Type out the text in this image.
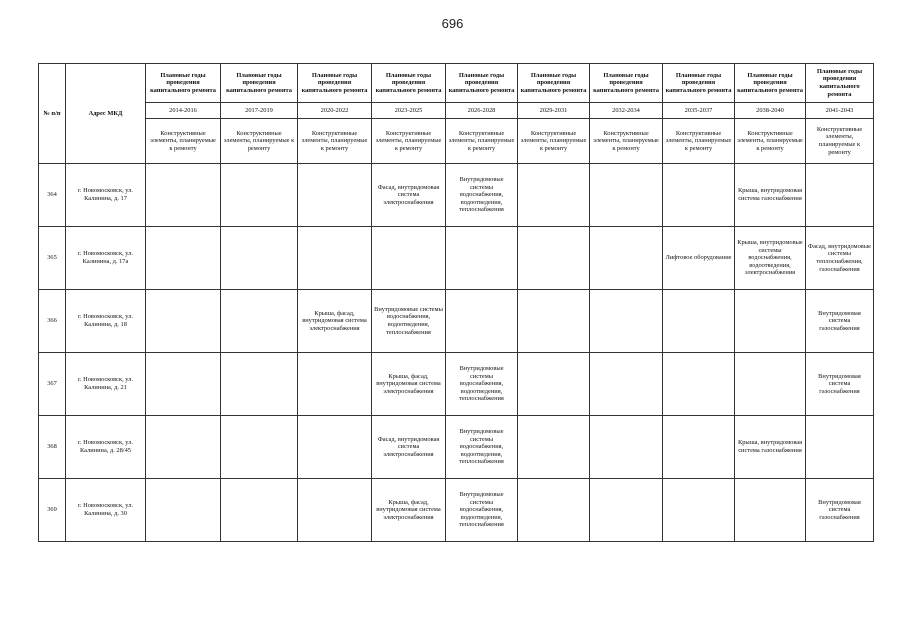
696
№ п/п	Адрес МКД	Плановые годы проведения капитального ремонта	Плановые годы проведения капитального ремонта	Плановые годы проведения капитального ремонта	Плановые годы проведения капитального ремонта	Плановые годы проведения капитального ремонта	Плановые годы проведения капитального ремонта	Плановые годы проведения капитального ремонта	Плановые годы проведения капитального ремонта	Плановые годы проведения капитального ремонта	Плановые годы проведения капитального ремонта
		2014-2016	2017-2019	2020-2022	2023-2025	2026-2028	2029-2031	2032-2034	2035-2037	2038-2040	2041-2043
		Конструктивные элементы, планируемые к ремонту	Конструктивные элементы, планируемые к ремонту	Конструктивные элементы, планируемые к ремонту	Конструктивные элементы, планируемые к ремонту	Конструктивные элементы, планируемые к ремонту	Конструктивные элементы, планируемые к ремонту	Конструктивные элементы, планируемые к ремонту	Конструктивные элементы, планируемые к ремонту	Конструктивные элементы, планируемые к ремонту	Конструктивные элементы, планируемые к ремонту
364	г. Новомосковск, ул. Калинина, д. 17				Фасад, внутридомовая система электроснабжения	Внутридомовые системы водоснабжения, водоотведения, теплоснабжения				Крыша, внутридомовая система газоснабжения	
365	г. Новомосковск, ул. Калинина, д. 17а								Лифтовое оборудование	Крыша, внутридомовые системы водоснабжения, водоотведения, электроснабжения	Фасад, внутридомовые системы теплоснабжения, газоснабжения
366	г. Новомосковск, ул. Калинина, д. 18			Крыша, фасад, внутридомовая система электроснабжения	Внутридомовые системы водоснабжения, водоотведения, теплоснабжения						Внутридомовая система газоснабжения
367	г. Новомосковск, ул. Калинина, д. 21				Крыша, фасад, внутридомовая система электроснабжения	Внутридомовые системы водоснабжения, водоотведения, теплоснабжения					Внутридомовая система газоснабжения
368	г. Новомосковск, ул. Калинина, д. 28/45				Фасад, внутридомовая система электроснабжения	Внутридомовые системы водоснабжения, водоотведения, теплоснабжения				Крыша, внутридомовая система газоснабжения	
369	г. Новомосковск, ул. Калинина, д. 30				Крыша, фасад, внутридомовая система электроснабжения	Внутридомовые системы водоснабжения, водоотведения, теплоснабжения					Внутридомовая система газоснабжения
